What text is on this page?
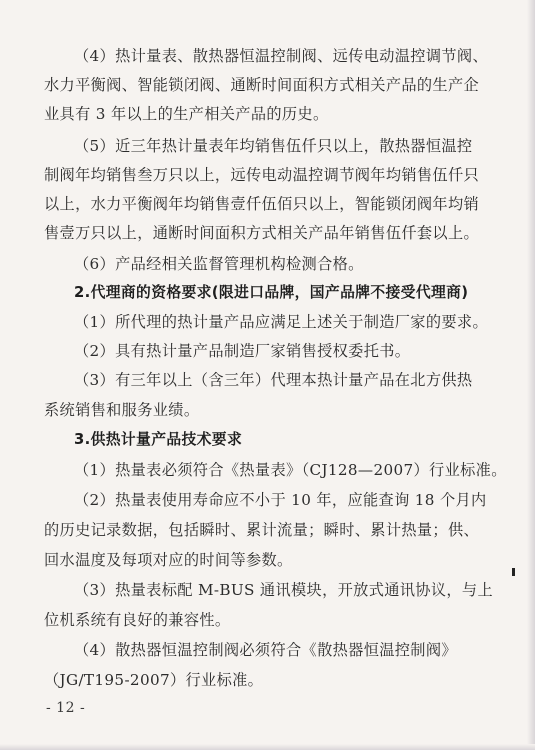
（4）热计量表、散热器恒温控制阀、远传电动温控调节阀、
水力平衡阀、智能锁闭阀、通断时间面积方式相关产品的生产企
业具有 3 年以上的生产相关产品的历史。
（5）近三年热计量表年均销售伍仟只以上，散热器恒温控
制阀年均销售叁万只以上，远传电动温控调节阀年均销售伍仟只
以上，水力平衡阀年均销售壹仟伍佰只以上，智能锁闭阀年均销
售壹万只以上，通断时间面积方式相关产品年销售伍仟套以上。
（6）产品经相关监督管理机构检测合格。
2.代理商的资格要求(限进口品牌，国产品牌不接受代理商)
（1）所代理的热计量产品应满足上述关于制造厂家的要求。
（2）具有热计量产品制造厂家销售授权委托书。
（3）有三年以上（含三年）代理本热计量产品在北方供热
系统销售和服务业绩。
3.供热计量产品技术要求
（1）热量表必须符合《热量表》（CJ128—2007）行业标准。
（2）热量表使用寿命应不小于 10 年，应能查询 18 个月内
的历史记录数据，包括瞬时、累计流量；瞬时、累计热量；供、
回水温度及每项对应的时间等参数。
（3）热量表标配 M-BUS 通讯模块，开放式通讯协议，与上
位机系统有良好的兼容性。
（4）散热器恒温控制阀必须符合《散热器恒温控制阀》
（JG/T195-2007）行业标准。
- 12 -
